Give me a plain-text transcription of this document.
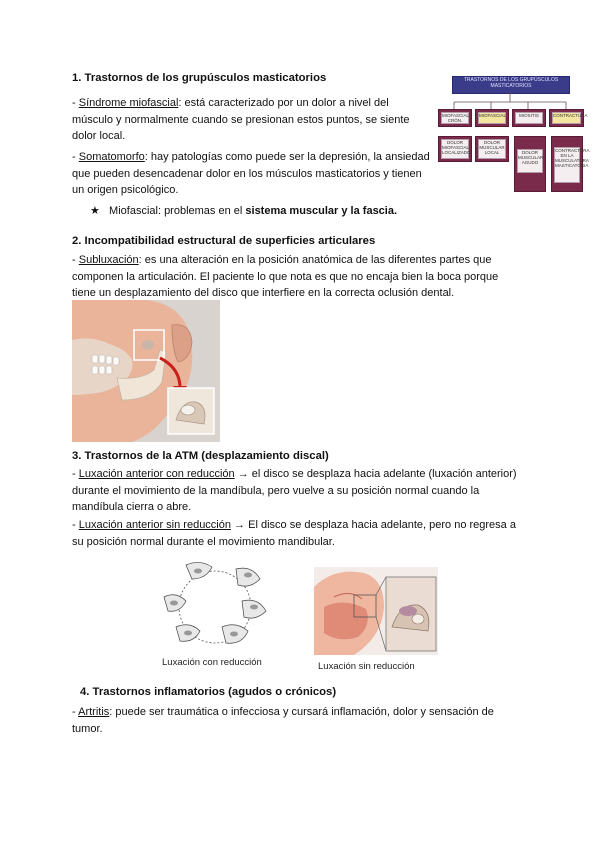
1. Trastornos de los grupúsculos masticatorios
- Síndrome miofascial: está caracterizado por un dolor a nivel del
músculo y normalmente cuando se presionan estos puntos, se siente
dolor local.
- Somatomorfo: hay patologías como puede ser la depresión, la ansiedad
que pueden desencadenar dolor en los músculos masticatorios y tienen
un origen psicológico.
★ Miofascial: problemas en el sistema muscular y la fascia.
TRASTORNOS DE LOS GRUPÚSCULOS
MASTICATORIOS
MIOFASCIAL CRÓN.
MIOFASCIAL	MIOSITIS	CONTRACTURA
DOLOR MIOFASCIAL LOCALIZADO
DOLOR MUSCULAR LOCAL	DOLOR MUSCULAR AGUDO
CONTRACTURA EN LA MUSCULATURA MASTICATORIA
2. Incompatibilidad estructural de superficies articulares
- Subluxación: es una alteración en la posición anatómica de las diferentes partes que
componen la articulación. El paciente lo que nota es que no encaja bien la boca porque
tiene un desplazamiento del disco que interfiere en la correcta oclusión dental.
3. Trastornos de la ATM (desplazamiento discal)
- Luxación anterior con reducción → el disco se desplaza hacia adelante (luxación anterior)
durante el movimiento de la mandíbula, pero vuelve a su posición normal cuando la
mandíbula cierra o abre.
- Luxación anterior sin reducción → El disco se desplaza hacia adelante, pero no regresa a
su posición normal durante el movimiento mandibular.
Luxación con reducción	Luxación sin reducción
4. Trastornos inflamatorios (agudos o crónicos)
- Artritis: puede ser traumática o infecciosa y cursará inflamación, dolor y sensación de
tumor.
